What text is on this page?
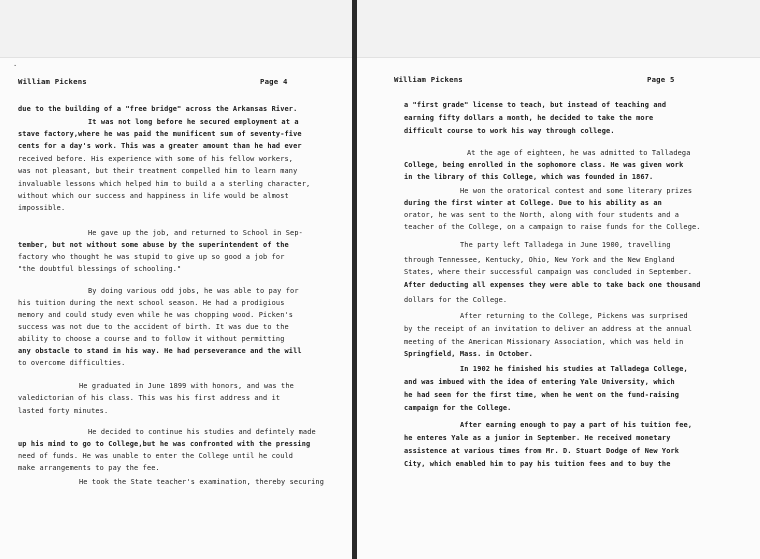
·
William Pickens	Page 4	William Pickens	Page 5
due to the building of a "free bridge" across the Arkansas River.
It was not long before he secured employment at a
stave factory,where he was paid the munificent sum of seventy-five
cents for a day's work. This was a greater amount than he had ever
received before. His experience with some of his fellow workers,
was not pleasant, but their treatment compelled him to learn many
invaluable lessons which helped him to build a a sterling character,
without which our success and happiness in life would be almost
impossible.
He gave up the job, and returned to School in Sep-
tember, but not without some abuse by the superintendent of the
factory who thought he was stupid to give up so good a job for
"the doubtful blessings of schooling."
By doing various odd jobs, he was able to pay for
his tuition during the next school season. He had a prodigious
memory and could study even while he was chopping wood. Picken's
success was not due to the accident of birth. It was due to the
ability to choose a course and to follow it without permitting
any obstacle to stand in his way. He had perseverance and the will
to overcome difficulties.
He graduated in June 1899 with honors, and was the
valedictorian of his class. This was his first address and it
lasted forty minutes.
He decided to continue his studies and defintely made
up his mind to go to College,but he was confronted with the pressing
need of funds. He was unable to enter the College until he could
make arrangements to pay the fee.
He took the State teacher's examination, thereby securing
a "first grade" license to teach, but instead of teaching and
earning fifty dollars a month, he decided to take the more
difficult course to work his way through college.
At the age of eighteen, he was admitted to Talladega
College, being enrolled in the sophomore class. He was given work
in the library of this College, which was founded in 1867.
He won the oratorical contest and some literary prizes
during the first winter at College. Due to his ability as an
orator, he was sent to the North, along with four students and a
teacher of the College, on a campaign to raise funds for the College.
The party left Talladega in June 1900, travelling
through Tennessee, Kentucky, Ohio, New York and the New England
States, where their successful campaign was concluded in September.
After deducting all expenses they were able to take back one thousand
dollars for the College.
After returning to the College, Pickens was surprised
by the receipt of an invitation to deliver an address at the annual
meeting of the American Missionary Association, which was held in
Springfield, Mass. in October.
In 1902 he finished his studies at Talladega College,
and was imbued with the idea of entering Yale University, which
he had seen for the first time, when he went on the fund-raising
campaign for the College.
After earning enough to pay a part of his tuition fee,
he enteres Yale as a junior in September. He received monetary
assistence at various times from Mr. D. Stuart Dodge of New York
City, which enabled him to pay his tuition fees and to buy the
